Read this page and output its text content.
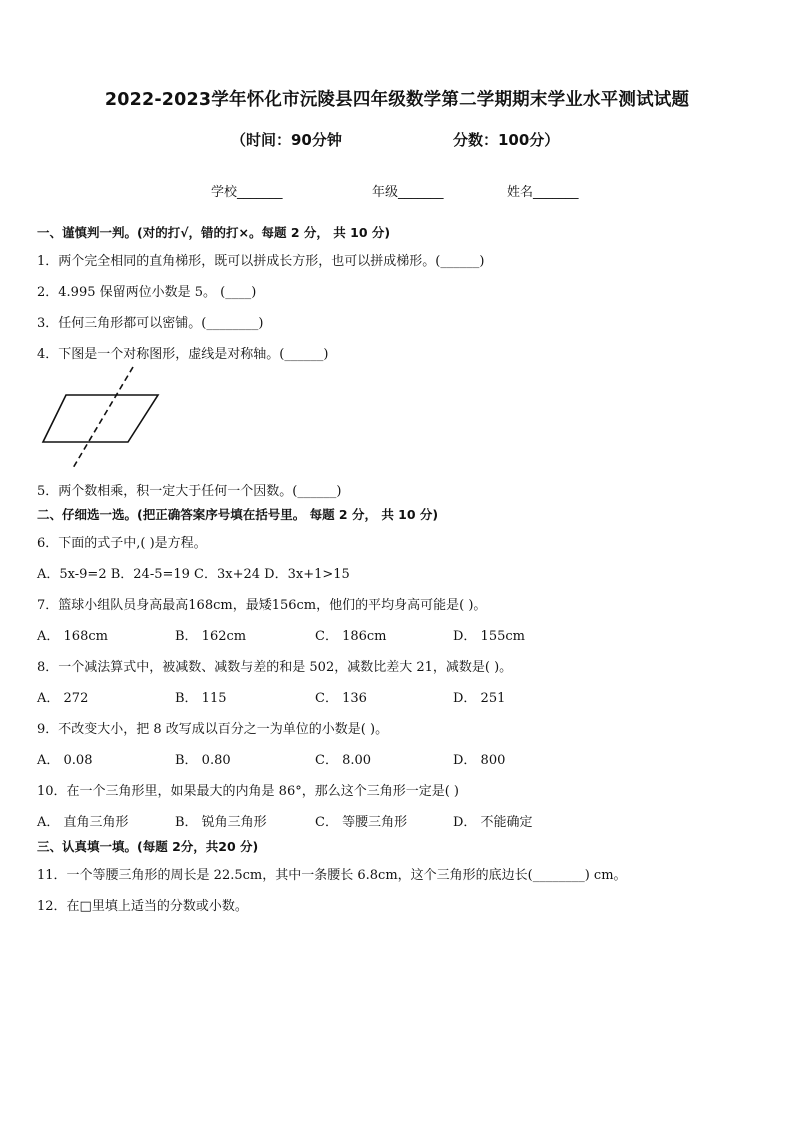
2022-2023学年怀化市沅陵县四年级数学第二学期期末学业水平测试试题
（时间：90分钟	分数：100分）
学校_______	年级_______	姓名_______
一、谨慎判一判。(对的打√，错的打×。每题 2 分， 共 10 分)
1．两个完全相同的直角梯形，既可以拼成长方形，也可以拼成梯形。(______)
2．4.995 保留两位小数是 5。 (____)
3．任何三角形都可以密铺。(________)
4．下图是一个对称图形，虚线是对称轴。(______)
5．两个数相乘，积一定大于任何一个因数。(______)
二、仔细选一选。(把正确答案序号填在括号里。 每题 2 分， 共 10 分)
6．下面的式子中,( )是方程。
A．5x-9=2 B．24-5=19 C．3x+24 D．3x+1>15
7．篮球小组队员身高最高168cm，最矮156cm，他们的平均身高可能是( )。
A． 168cm	B． 162cm	C． 186cm	D． 155cm
8．一个减法算式中，被减数、减数与差的和是 502，减数比差大 21，减数是( )。
A． 272	B． 115	C． 136	D． 251
9．不改变大小，把 8 改写成以百分之一为单位的小数是( )。
A． 0.08	B． 0.80	C． 8.00	D． 800
10．在一个三角形里，如果最大的内角是 86°，那么这个三角形一定是( )
A． 直角三角形	B． 锐角三角形	C． 等腰三角形	D． 不能确定
三、认真填一填。(每题 2分，共20 分)
11．一个等腰三角形的周长是 22.5cm，其中一条腰长 6.8cm，这个三角形的底边长(________) cm。
12．在□里填上适当的分数或小数。
